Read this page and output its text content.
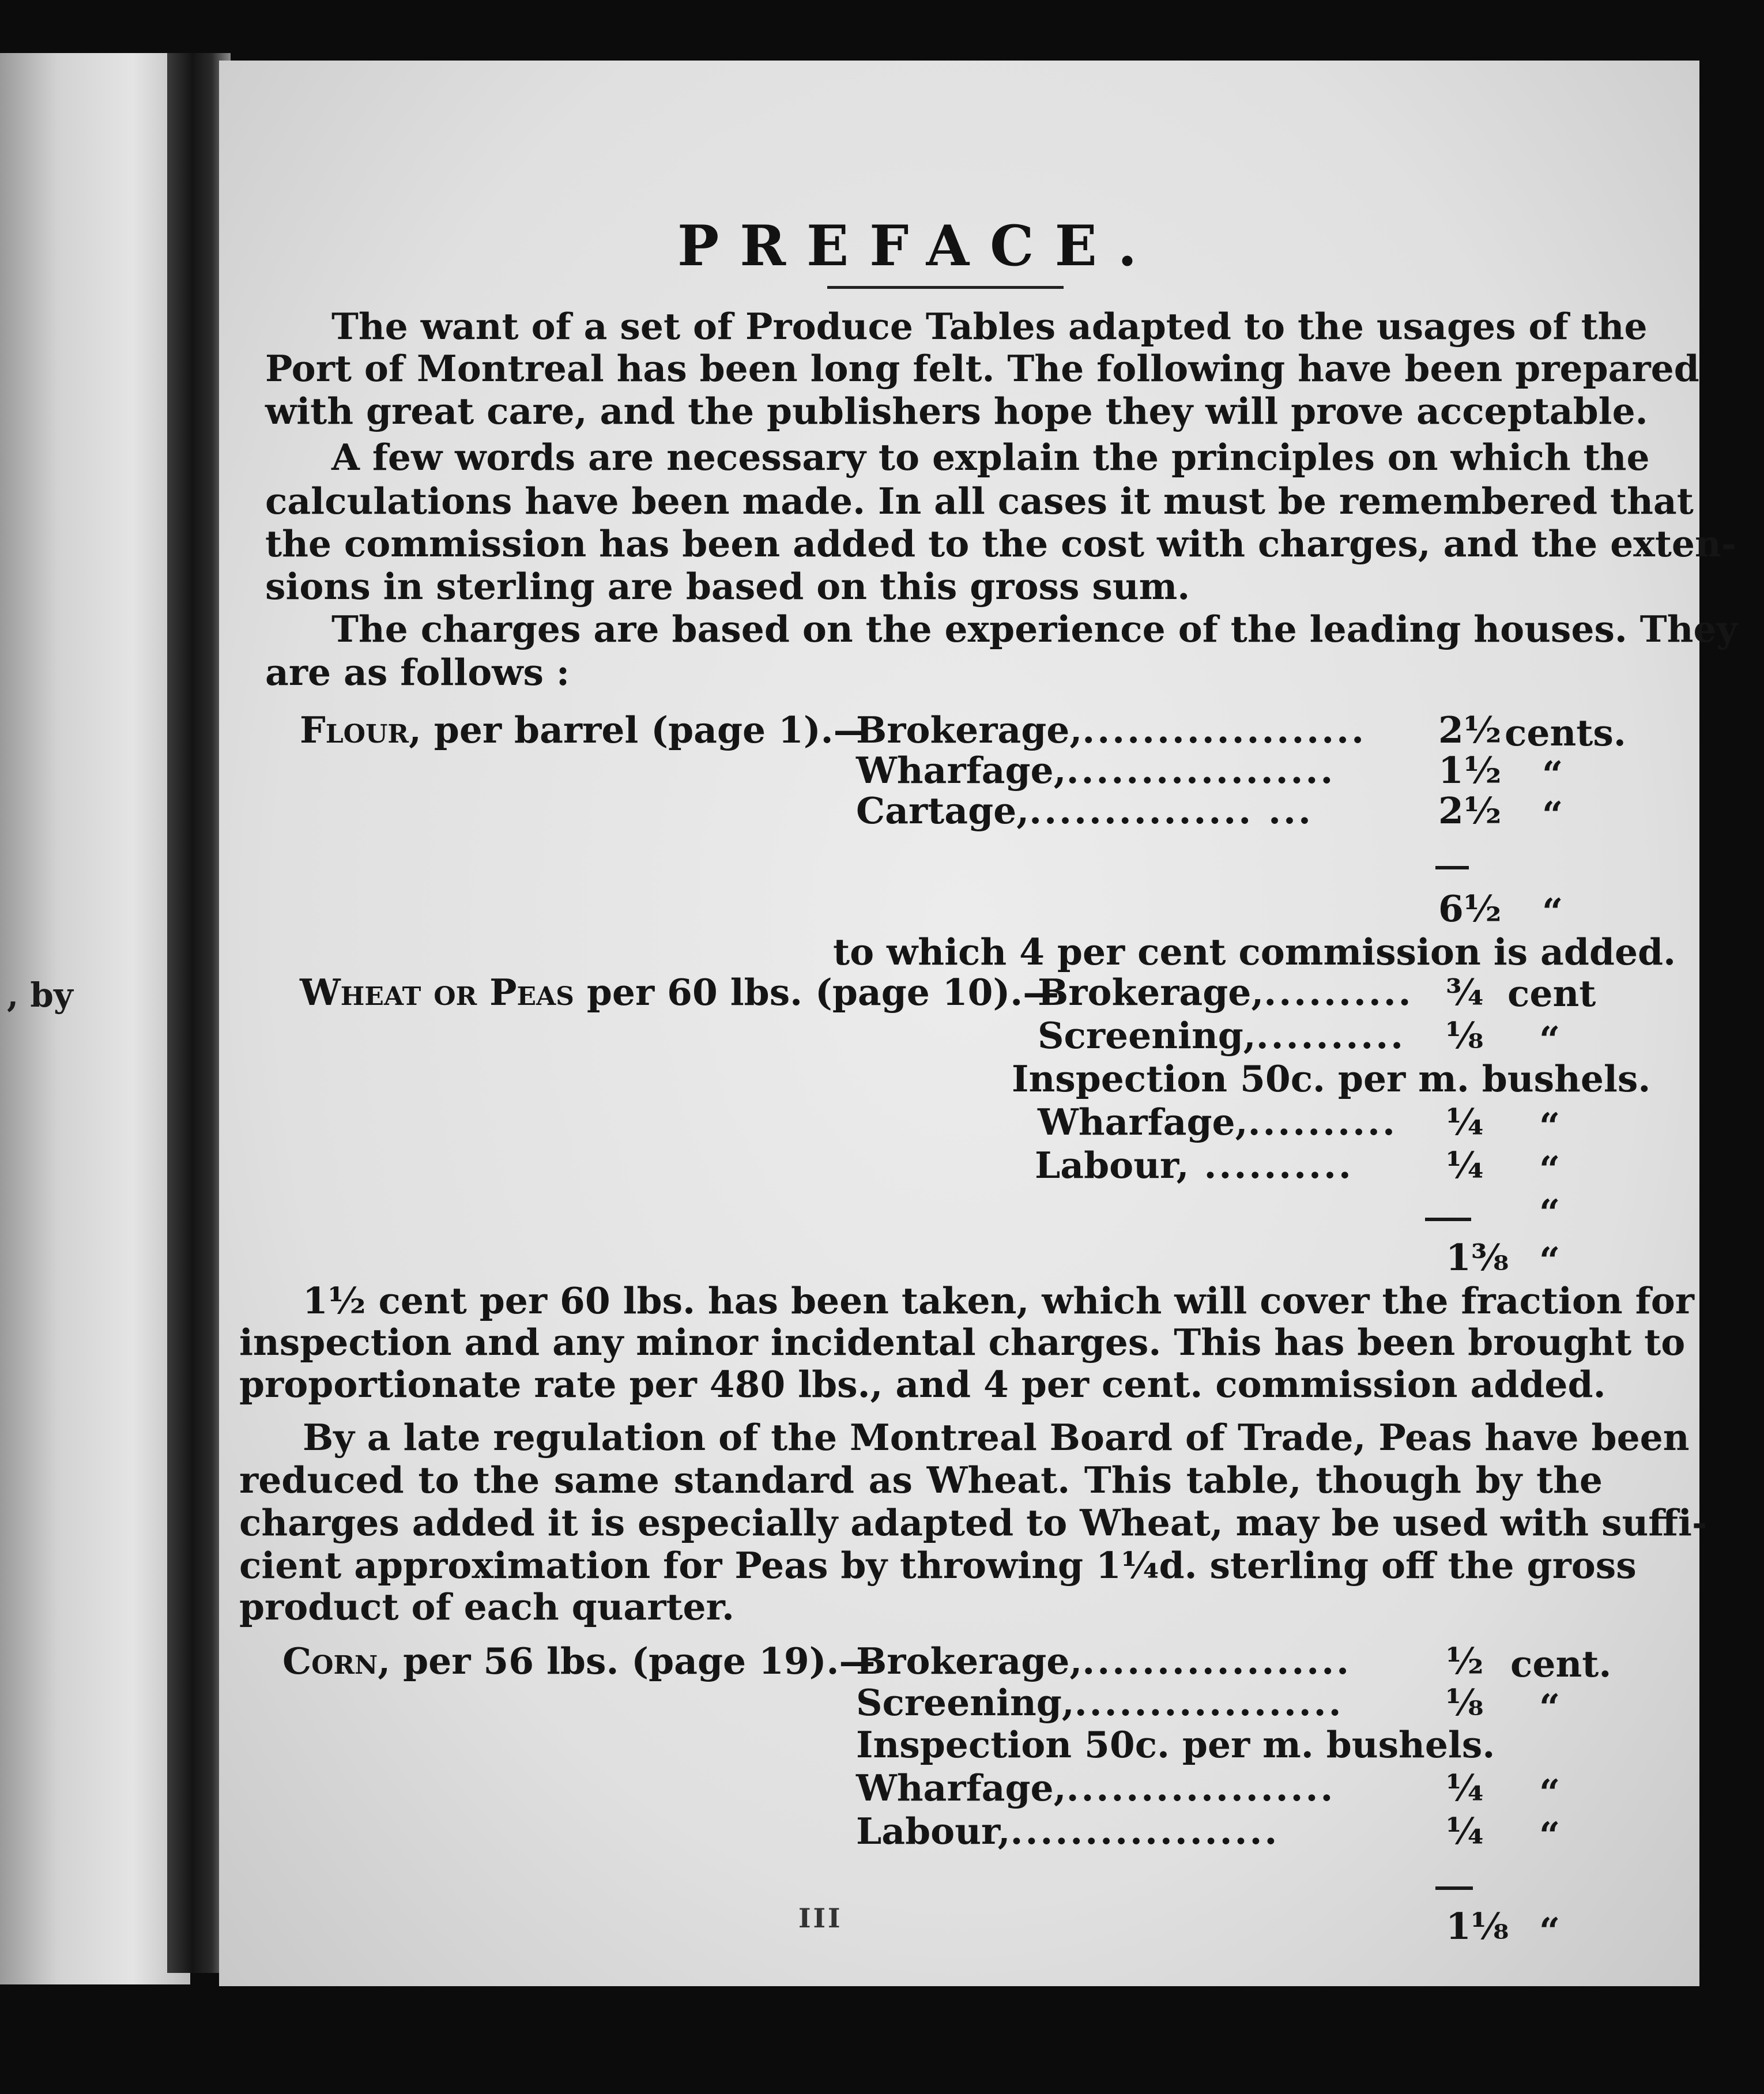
, by
PREFACE.
The want of a set of Produce Tables adapted to the usages of the
Port of Montreal has been long felt. The following have been prepared
with great care, and the publishers hope they will prove acceptable.
A few words are necessary to explain the principles on which the
calculations have been made. In all cases it must be remembered that
the commission has been added to the cost with charges, and the exten-
sions in sterling are based on this gross sum.
The charges are based on the experience of the leading houses. They
are as follows :
Flour, per barrel (page 1).—
Brokerage,................... 2½ cents.
Wharfage,..................	1½ “
Cartage,............... ...	2½ “
6½ “
to which 4 per cent commission is added.
Wheat or Peas per 60 lbs. (page 10).—
Brokerage,.......... ¾ cent
Screening,.......... ⅛ “
Inspection 50c. per m. bushels.
Wharfage,.......... ¼ “
Labour, ..........	¼ “
“
1⅜ “
1½ cent per 60 lbs. has been taken, which will cover the fraction for
inspection and any minor incidental charges. This has been brought to
proportionate rate per 480 lbs., and 4 per cent. commission added.
By a late regulation of the Montreal Board of Trade, Peas have been
reduced to the same standard as Wheat. This table, though by the
charges added it is especially adapted to Wheat, may be used with suffi-
cient approximation for Peas by throwing 1¼d. sterling off the gross
product of each quarter.
Corn, per 56 lbs. (page 19).—
Brokerage,..................	½ cent.
Screening,..................	⅛ “
Inspection 50c. per m. bushels.
Wharfage,..................	¼ “
Labour,..................	¼ “
1⅛ “
III
